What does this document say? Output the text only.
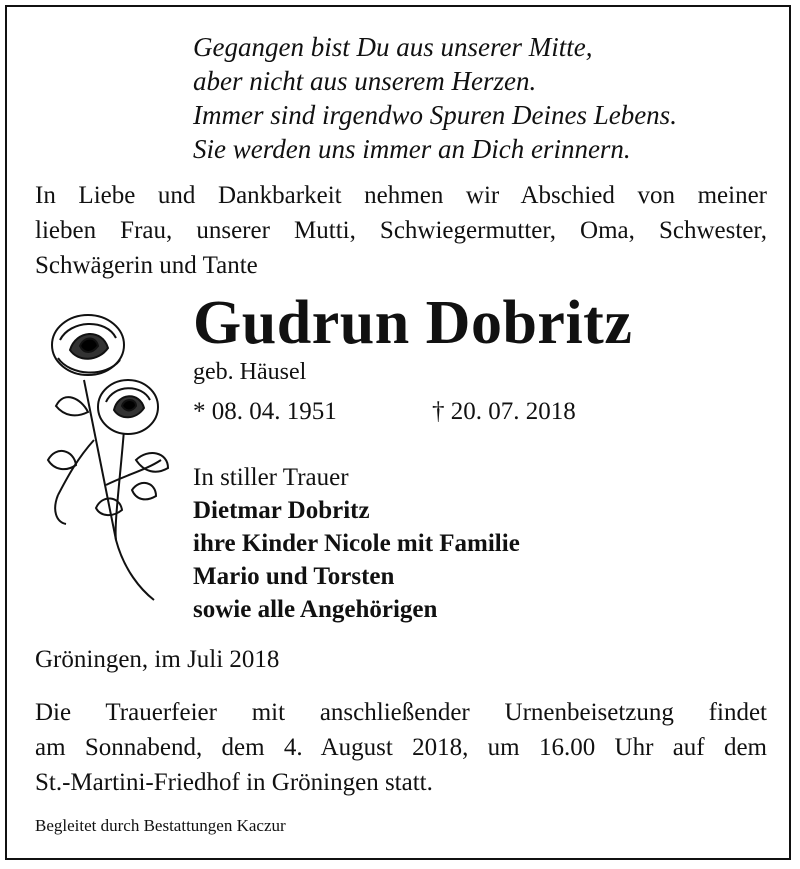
Gegangen bist Du aus unserer Mitte,
aber nicht aus unserem Herzen.
Immer sind irgendwo Spuren Deines Lebens.
Sie werden uns immer an Dich erinnern.
In Liebe und Dankbarkeit nehmen wir Abschied von meiner
lieben Frau, unserer Mutti, Schwiegermutter, Oma, Schwester,
Schwägerin und Tante
Gudrun Dobritz
geb. Häusel
* 08. 04. 1951	† 20. 07. 2018
In stiller Trauer
Dietmar Dobritz
ihre Kinder Nicole mit Familie
Mario und Torsten
sowie alle Angehörigen
Gröningen, im Juli 2018
Die Trauerfeier mit anschließender Urnenbeisetzung findet
am Sonnabend, dem 4. August 2018, um 16.00 Uhr auf dem
St.-Martini-Friedhof in Gröningen statt.
Begleitet durch Bestattungen Kaczur
